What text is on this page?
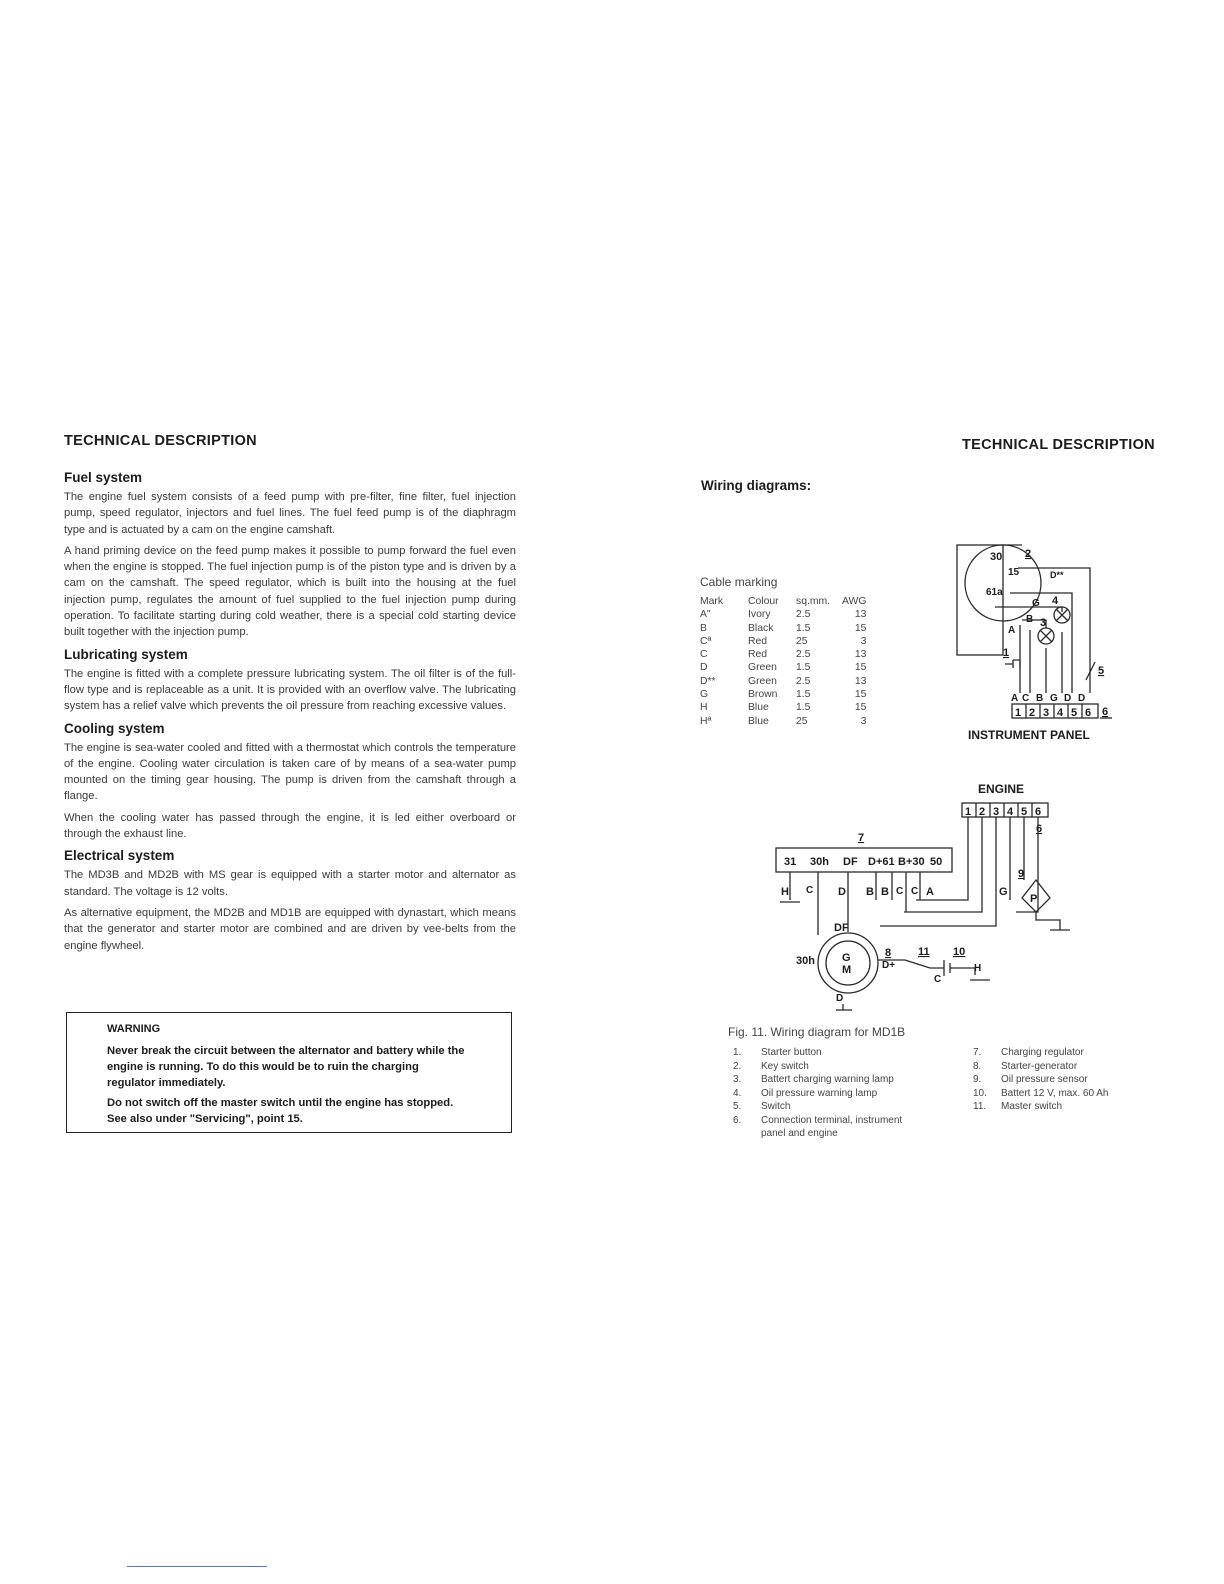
TECHNICAL DESCRIPTION
Fuel system

The engine fuel system consists of a feed pump with pre-filter, fine filter, fuel injection pump, speed regulator, injectors and fuel lines. The fuel feed pump is of the diaphragm type and is actuated by a cam on the engine camshaft.

A hand priming device on the feed pump makes it possible to pump forward the fuel even when the engine is stopped. The fuel injection pump is of the piston type and is driven by a cam on the camshaft. The speed regulator, which is built into the housing at the fuel injection pump, regulates the amount of fuel supplied to the fuel injection pump during operation. To facilitate starting during cold weather, there is a special cold starting device built together with the injection pump.

Lubricating system

The engine is fitted with a complete pressure lubricating system. The oil filter is of the full-flow type and is replaceable as a unit. It is provided with an overflow valve. The lubricating system has a relief valve which prevents the oil pressure from reaching excessive values.

Cooling system

The engine is sea-water cooled and fitted with a thermostat which controls the temperature of the engine. Cooling water circulation is taken care of by means of a sea-water pump mounted on the timing gear housing. The pump is driven from the camshaft through a flange.

When the cooling water has passed through the engine, it is led either overboard or through the exhaust line.

Electrical system

The MD3B and MD2B with MS gear is equipped with a starter motor and alternator as standard. The voltage is 12 volts.

As alternative equipment, the MD2B and MD1B are equipped with dynastart, which means that the generator and starter motor are combined and are driven by vee-belts from the engine flywheel.

WARNING

Never break the circuit between the alternator and battery while the engine is running. To do this would be to ruin the charging regulator immediately.

Do not switch off the master switch until the engine has stopped. See also under "Servicing", point 15.

TECHNICAL DESCRIPTION
Wiring diagrams:
Cable marking
Mark	Colour	sq.mm.	AWG
A"	Ivory	2.5	13
B	Black	1.5	15
Cª	Red	25	3
C	Red	2.5	13
D	Green	1.5	15
D**	Green	2.5	13
G	Brown	1.5	15
H	Blue	1.5	15
Hª	Blue	25	3
30
15
61a
D**
G
B
A
A C B G D D
1 2 3 4 5 6
2
3
4
1
5
6
INSTRUMENT PANEL
ENGINE
1 2 3 4 5 6
6
7
31 30h DF D+61 B+30 50
H C D B B C C A	G
G
M
DF
30h	D+
D
8 11 10
C
H
P
9
Fig. 11. Wiring diagram for MD1B
1. Starter button
2. Key switch
3. Battert charging warning lamp
4. Oil pressure warning lamp
5. Switch
6. Connection terminal, instrument
panel and engine
7. Charging regulator
8. Starter-generator
9. Oil pressure sensor
10. Battert 12 V, max. 60 Ah
11. Master switch
